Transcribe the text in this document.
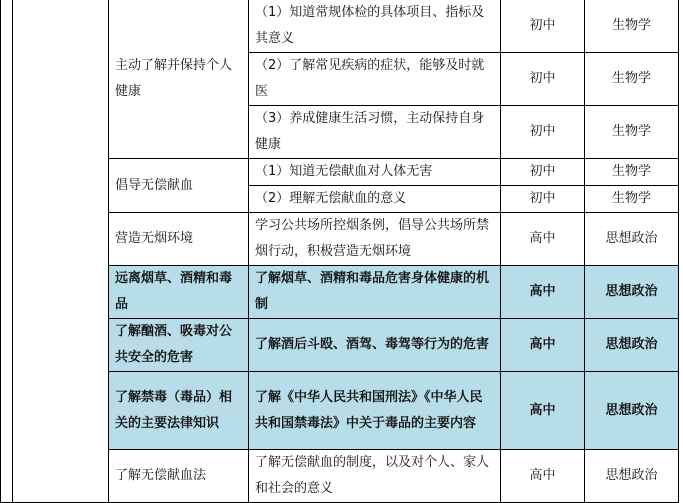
		主动了解并保持个人健康	（1）知道常规体检的具体项目、指标及其意义	初中	生物学
			（2）了解常见疾病的症状，能够及时就医	初中	生物学
			（3）养成健康生活习惯，主动保持自身健康	初中	生物学
		倡导无偿献血	（1）知道无偿献血对人体无害	初中	生物学
			（2）理解无偿献血的意义	初中	生物学
		营造无烟环境	学习公共场所控烟条例，倡导公共场所禁烟行动，积极营造无烟环境	高中	思想政治
		远离烟草、酒精和毒品	了解烟草、酒精和毒品危害身体健康的机制	高中	思想政治
		了解酗酒、吸毒对公共安全的危害	了解酒后斗殴、酒驾、毒驾等行为的危害	高中	思想政治
		了解禁毒（毒品）相关的主要法律知识	了解《中华人民共和国刑法》《中华人民共和国禁毒法》中关于毒品的主要内容	高中	思想政治
		了解无偿献血法	了解无偿献血的制度，以及对个人、家人和社会的意义	高中	思想政治
